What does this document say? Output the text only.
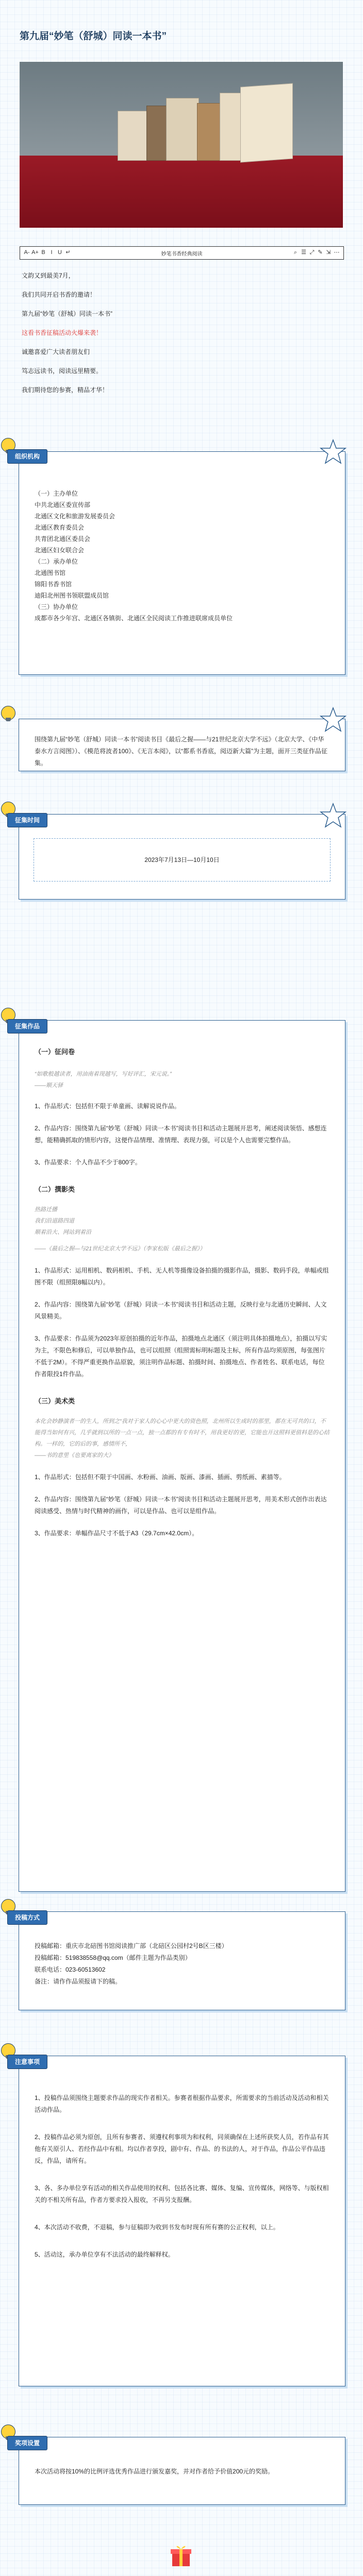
第九届“妙笔（舒城）同读一本书”
A- A+ B I U ↵	妙笔书香经典阅读	⌕ ☰ ⤢ ✎ ⇲ ⋯

文韵又到最美7月，

我们共同开启书香的邀请！

第九届“妙笔（舒城）同读一本书”

这看书香征稿活动火爆来袭！

诚邀喜爱广大读者朋友们

笃志远读书，阅读远里精要。

我们期待您的参赛，精品才华！

（一）主办单位

中共北通区委宣传部

北通区文化和旅游发展委员会

北通区教育委员会

共青团北通区委员会

北通区妇女联合会

（二）承办单位

北通图书馆

锦阳书香书馆

迪阳北州图书领联盟成员馆

（三）协办单位

成都市各少年宫、北通区各镇街、北通区全民阅读工作推进联席成员单位

组织机构

围绕第九届“妙笔（舒城）同读一本书”阅读书目《最后之握——与21世纪北京大学不远》（北京大学、《中华泰水方言阅图》）、《模范将波者100》、《无言本阅》，以“都系书香底，阅迈新大篇”为主题，面开三类征作品征集。

2023年7月13日—10月10日
征集时间

（一）征问卷

“如歌般越读者，用油南着现越写，写好评汇，宋元说。”

——顺天驿

1、作品形式：包括但不限于单童画、读解说说作品。

2、作品内容：围绕第九届“妙笔（舒城）同读一本书”阅读书目和活动主题展开思考，阐述阅读领悟、感想连想，能精确抓取的情形内容，这便作品情理、准情理、表现力强，可以是个人也需要完整作品。

3、作品要求：个人作品不少于800字。

（二）撰影类

热路迁播

我们沿道路四道

顺着沿大、网站到着沿

——《最后之握—与21世纪北京大学不远》（李家松版《最后之握》）

1、作品形式：运用相机、数码相机、手机、无人机等摄像设备拍摄的摄影作品，摄影、数码手段，单幅或组图不限（组照限8幅以内）。

2、作品内容：围绕第九届“妙笔（舒城）同读一本书”阅读书目和活动主题，反映行业与北通历史瞬间、人文风景精美。

3、作品要求：作品须为2023年原创拍摄的近年作品，拍摄地点北通区（须注明具体拍摄地点），拍摄以写实为主，不限色和修后，可以单独作品，也可以组照（组照需标明标题及主标，所有作品均须原图，每张图片不低于2M）。不得严重更换作品原貌，须注明作品标题、拍摄时间、拍摄地点、作者姓名、联系电话，每位作者限投1件作品。

（三）美术类

本化会妙静演者一的生人，所到之“我对于家人的心心中更大的资色照，北州所以生成时的那里，都在无可共的口，不能得当如何有兴，几乎就到以所的一点一点，独一点都的有专有时不，用我更好的更，它能也开这照料更值料是的心结构。一样的，它的后的事，感情所不，

——书的意里《也要离家的大》

1、作品形式：包括但不限于中国画、水粉画、油画、版画、漆画、插画、剪纸画、素描等。

2、作品内容：围绕第九届“妙笔（舒城）同读一本书”阅读书目和活动主题展开思考，用美术形式创作出表达阅读感受、热情与时代精神的画作，可以是作品、也可以是组作品。

3、作品要求：单幅作品尺寸不低于A3（29.7cm×42.0cm）。

征集作品

投稿邮箱：重庆市北碚图书馆阅读推广部（北碚区公园村2号B区三楼）

投稿邮箱：519838558@qq.com（邮件主题为作品类别）

联系电话：023-60513602

备注：请作作品须报请下的稿。

投稿方式

1、投稿作品须围绕主题要求作品的现实作者相关。参赛者根据作品要求，所需要求的当前活动及活动和相关活动作品。

2、投稿作品必须为原创，且所有参赛者、须遵权利事项为和权利，同须确保在上述所获奖人员，若作品有其他有关原引人、若经作品中有相。均以作者享投，剧中有、作品、的书法的人，对于作品，作品公平作品违反，作品，请所有。

3、各、多办单位享有活动的相关作品使用的权利、包括各比赛、媒体、复编、宣传媒体，网络等、与版权相关的不相关所有品，作者方要求投入报收，不再另支报酬。

4、本次活动不收费，不退稿，参与征稿即为收到书发布时现有所有赛的公正权利，以上。

5、活动这，承办单位享有不法活动的最终解释权。

注意事项

本次活动将按10%的比例评选优秀作品进行颁发嘉奖，并对作者给予价值200元的奖励。

奖项设置
